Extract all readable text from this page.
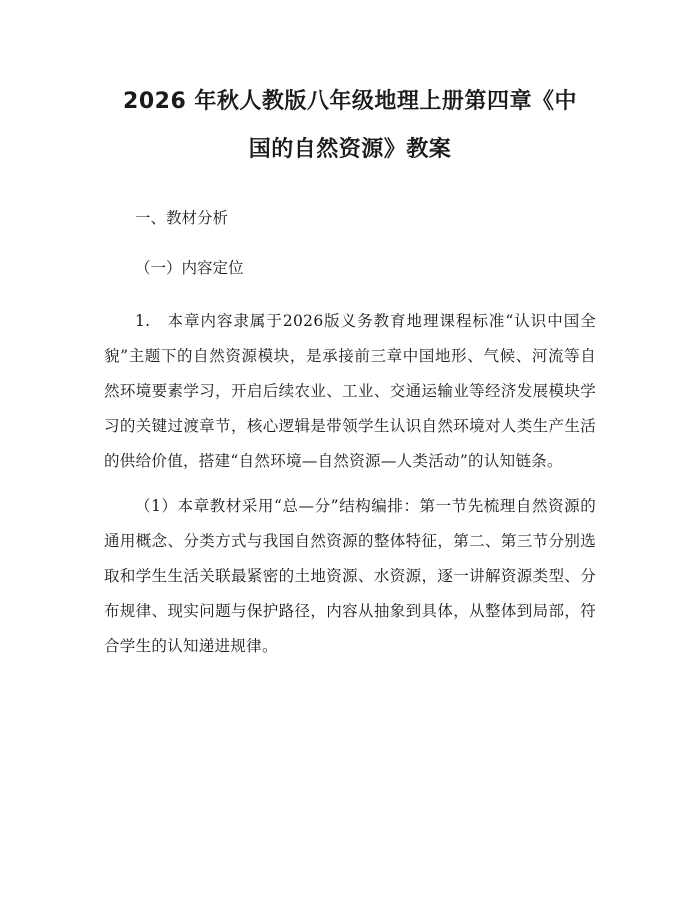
2026 年秋人教版八年级地理上册第四章《中
国的自然资源》教案

一、教材分析

（一）内容定位

1.　本章内容隶属于2026版义务教育地理课程标准“认识中国全貌”主题下的自然资源模块，是承接前三章中国地形、气候、河流等自然环境要素学习，开启后续农业、工业、交通运输业等经济发展模块学习的关键过渡章节，核心逻辑是带领学生认识自然环境对人类生产生活的供给价值，搭建“自然环境—自然资源—人类活动”的认知链条。

（1）本章教材采用“总—分”结构编排：第一节先梳理自然资源的通用概念、分类方式与我国自然资源的整体特征，第二、第三节分别选取和学生生活关联最紧密的土地资源、水资源，逐一讲解资源类型、分布规律、现实问题与保护路径，内容从抽象到具体，从整体到局部，符合学生的认知递进规律。
